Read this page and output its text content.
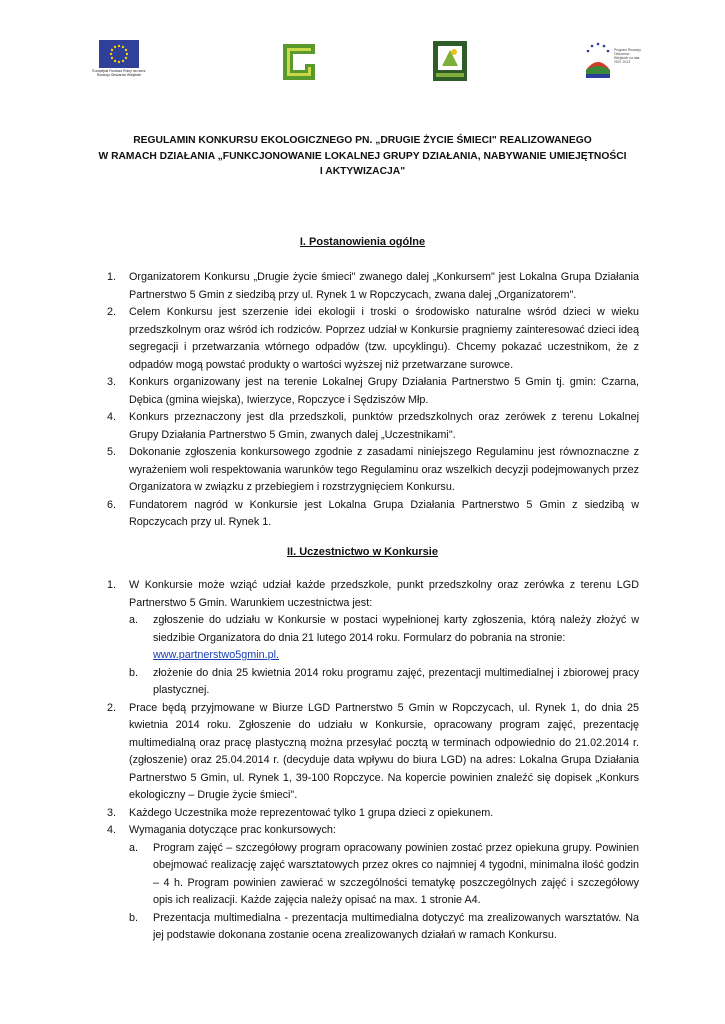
Europejski Fundusz Rolny na rzecz Rozwoju Obszarów Wiejskich
Program Rozwoju Obszarów Wiejskich na lata 2007-2013
REGULAMIN KONKURSU EKOLOGICZNEGO PN. „DRUGIE ŻYCIE ŚMIECI" REALIZOWANEGO
W RAMACH DZIAŁANIA „FUNKCJONOWANIE LOKALNEJ GRUPY DZIAŁANIA, NABYWANIE UMIEJĘTNOŚCI
I AKTYWIZACJA"
I. Postanowienia ogólne
1. Organizatorem Konkursu „Drugie życie śmieci" zwanego dalej „Konkursem" jest Lokalna Grupa Działania Partnerstwo 5 Gmin z siedzibą przy ul. Rynek 1 w Ropczycach, zwana dalej „Organizatorem".
2. Celem Konkursu jest szerzenie idei ekologii i troski o środowisko naturalne wśród dzieci w wieku przedszkolnym oraz wśród ich rodziców. Poprzez udział w Konkursie pragniemy zainteresować dzieci ideą segregacji i przetwarzania wtórnego odpadów (tzw. upcyklingu). Chcemy pokazać uczestnikom, że z odpadów mogą powstać produkty o wartości wyższej niż przetwarzane surowce.
3. Konkurs organizowany jest na terenie Lokalnej Grupy Działania Partnerstwo 5 Gmin tj. gmin: Czarna, Dębica (gmina wiejska), Iwierzyce, Ropczyce i Sędziszów Młp.
4. Konkurs przeznaczony jest dla przedszkoli, punktów przedszkolnych oraz zerówek z terenu Lokalnej Grupy Działania Partnerstwo 5 Gmin, zwanych dalej „Uczestnikami".
5. Dokonanie zgłoszenia konkursowego zgodnie z zasadami niniejszego Regulaminu jest równoznaczne z wyrażeniem woli respektowania warunków tego Regulaminu oraz wszelkich decyzji podejmowanych przez Organizatora w związku z przebiegiem i rozstrzygnięciem Konkursu.
6. Fundatorem nagród w Konkursie jest Lokalna Grupa Działania Partnerstwo 5 Gmin z siedzibą w Ropczycach przy ul. Rynek 1.
II. Uczestnictwo w Konkursie
1. W Konkursie może wziąć udział każde przedszkole, punkt przedszkolny oraz zerówka z terenu LGD Partnerstwo 5 Gmin. Warunkiem uczestnictwa jest:
a. zgłoszenie do udziału w Konkursie w postaci wypełnionej karty zgłoszenia, którą należy złożyć w siedzibie Organizatora do dnia 21 lutego 2014 roku. Formularz do pobrania na stronie:
www.partnerstwo5gmin.pl.
b. złożenie do dnia 25 kwietnia 2014 roku programu zajęć, prezentacji multimedialnej i zbiorowej pracy plastycznej.
2. Prace będą przyjmowane w Biurze LGD Partnerstwo 5 Gmin w Ropczycach, ul. Rynek 1, do dnia 25 kwietnia 2014 roku. Zgłoszenie do udziału w Konkursie, opracowany program zajęć, prezentację multimedialną oraz pracę plastyczną można przesyłać pocztą w terminach odpowiednio do 21.02.2014 r. (zgłoszenie) oraz 25.04.2014 r. (decyduje data wpływu do biura LGD) na adres: Lokalna Grupa Działania Partnerstwo 5 Gmin, ul. Rynek 1, 39-100 Ropczyce. Na kopercie powinien znaleźć się dopisek „Konkurs ekologiczny – Drugie życie śmieci".
3. Każdego Uczestnika może reprezentować tylko 1 grupa dzieci z opiekunem.
4. Wymagania dotyczące prac konkursowych:
a. Program zajęć – szczegółowy program opracowany powinien zostać przez opiekuna grupy. Powinien obejmować realizację zajęć warsztatowych przez okres co najmniej 4 tygodni, minimalna ilość godzin – 4 h. Program powinien zawierać w szczególności tematykę poszczególnych zajęć i szczegółowy opis ich realizacji. Każde zajęcia należy opisać na max. 1 stronie A4.
b. Prezentacja multimedialna - prezentacja multimedialna dotyczyć ma zrealizowanych warsztatów. Na jej podstawie dokonana zostanie ocena zrealizowanych działań w ramach Konkursu.
